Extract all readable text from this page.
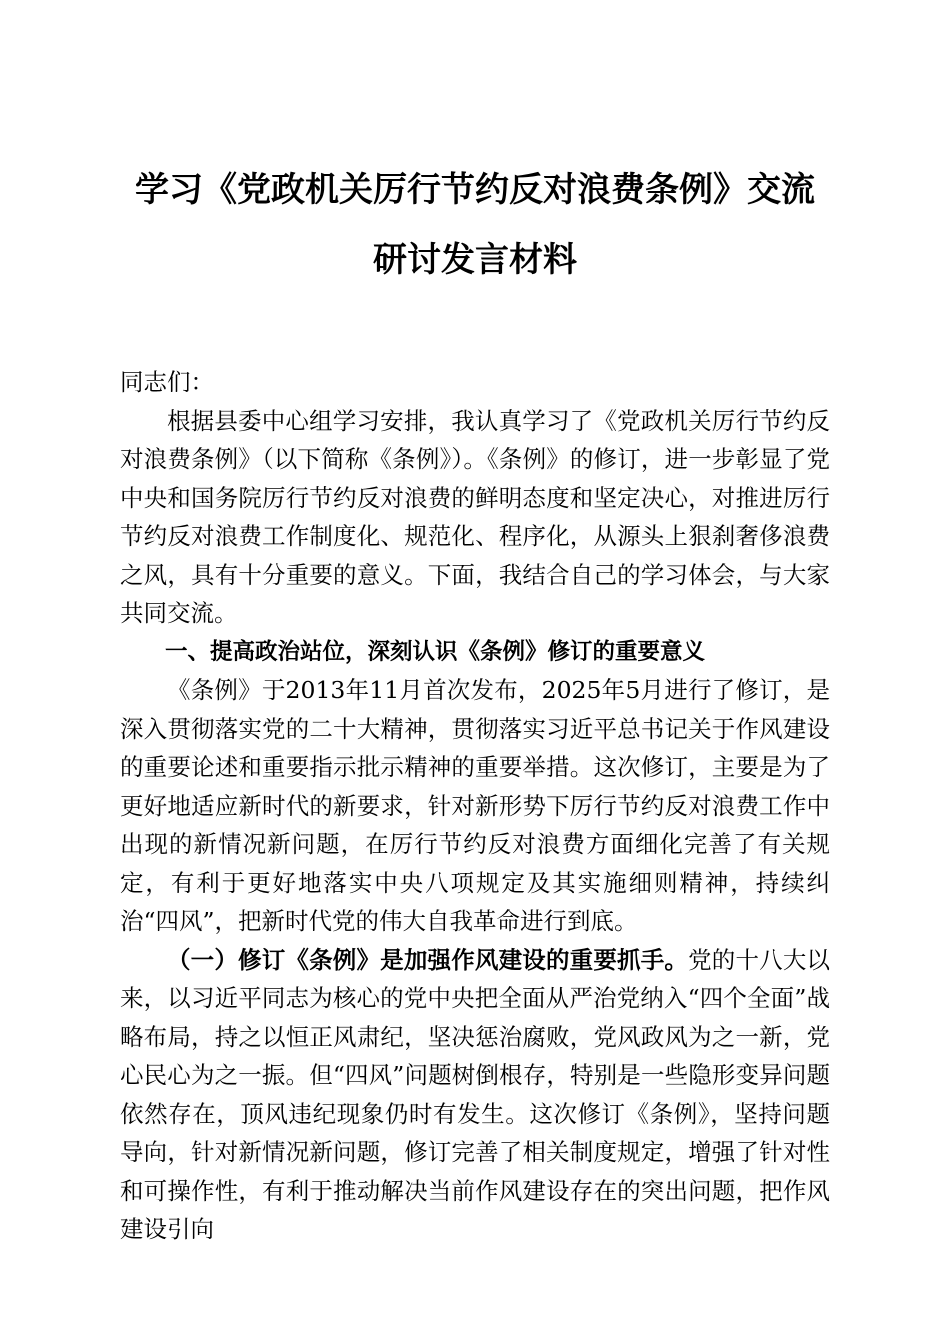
学习《党政机关厉行节约反对浪费条例》交流
研讨发言材料

同志们：

根据县委中心组学习安排，我认真学习了《党政机关厉行节约反对浪费条例》（以下简称《条例》）。《条例》的修订，进一步彰显了党中央和国务院厉行节约反对浪费的鲜明态度和坚定决心，对推进厉行节约反对浪费工作制度化、规范化、程序化，从源头上狠刹奢侈浪费之风，具有十分重要的意义。下面，我结合自己的学习体会，与大家共同交流。

一、提高政治站位，深刻认识《条例》修订的重要意义

《条例》于2013年11月首次发布，2025年5月进行了修订，是深入贯彻落实党的二十大精神，贯彻落实习近平总书记关于作风建设的重要论述和重要指示批示精神的重要举措。这次修订，主要是为了更好地适应新时代的新要求，针对新形势下厉行节约反对浪费工作中出现的新情况新问题，在厉行节约反对浪费方面细化完善了有关规定，有利于更好地落实中央八项规定及其实施细则精神，持续纠治“四风”，把新时代党的伟大自我革命进行到底。

（一）修订《条例》是加强作风建设的重要抓手。党的十八大以来，以习近平同志为核心的党中央把全面从严治党纳入“四个全面”战略布局，持之以恒正风肃纪，坚决惩治腐败，党风政风为之一新，党心民心为之一振。但“四风”问题树倒根存，特别是一些隐形变异问题依然存在，顶风违纪现象仍时有发生。这次修订《条例》，坚持问题导向，针对新情况新问题，修订完善了相关制度规定，增强了针对性和可操作性，有利于推动解决当前作风建设存在的突出问题，把作风建设引向
